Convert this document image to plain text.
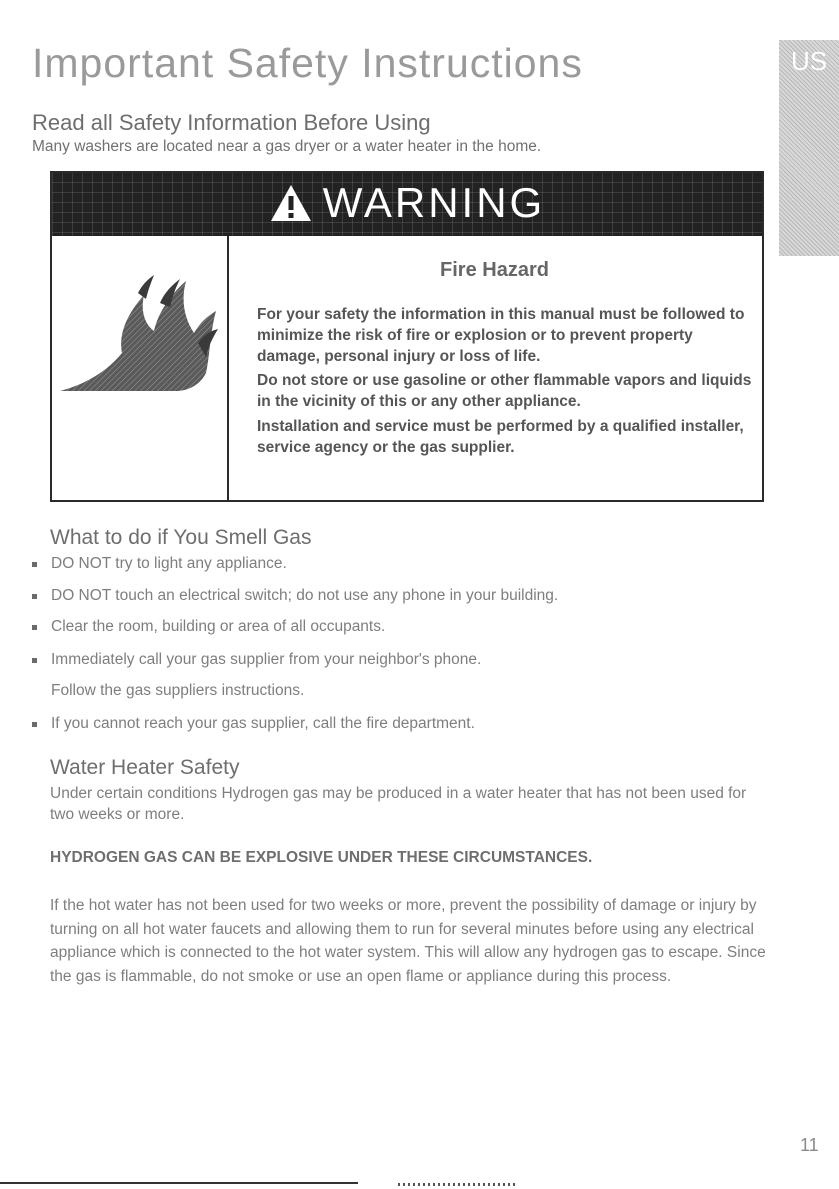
Important Safety Instructions	US
Read all Safety Information Before Using

Many washers are located near a gas dryer or a water heater in the home.

WARNING
Fire Hazard

For your safety the information in this manual must be followed to minimize the risk of fire or explosion or to prevent property damage, personal injury or loss of life.

Do not store or use gasoline or other flammable vapors and liquids in the vicinity of this or any other appliance.

Installation and service must be performed by a qualified installer, service agency or the gas supplier.

What to do if You Smell Gas
DO NOT try to light any appliance.
DO NOT touch an electrical switch; do not use any phone in your building.
Clear the room, building or area of all occupants.
Immediately call your gas supplier from your neighbor's phone.
Follow the gas suppliers instructions.
If you cannot reach your gas supplier, call the fire department.
Water Heater Safety

Under certain conditions Hydrogen gas may be produced in a water heater that has not been used for two weeks or more.

HYDROGEN GAS CAN BE EXPLOSIVE UNDER THESE CIRCUMSTANCES.

If the hot water has not been used for two weeks or more, prevent the possibility of damage or injury by turning on all hot water faucets and allowing them to run for several minutes before using any electrical appliance which is connected to the hot water system. This will allow any hydrogen gas to escape. Since the gas is flammable, do not smoke or use an open flame or appliance during this process.

11
